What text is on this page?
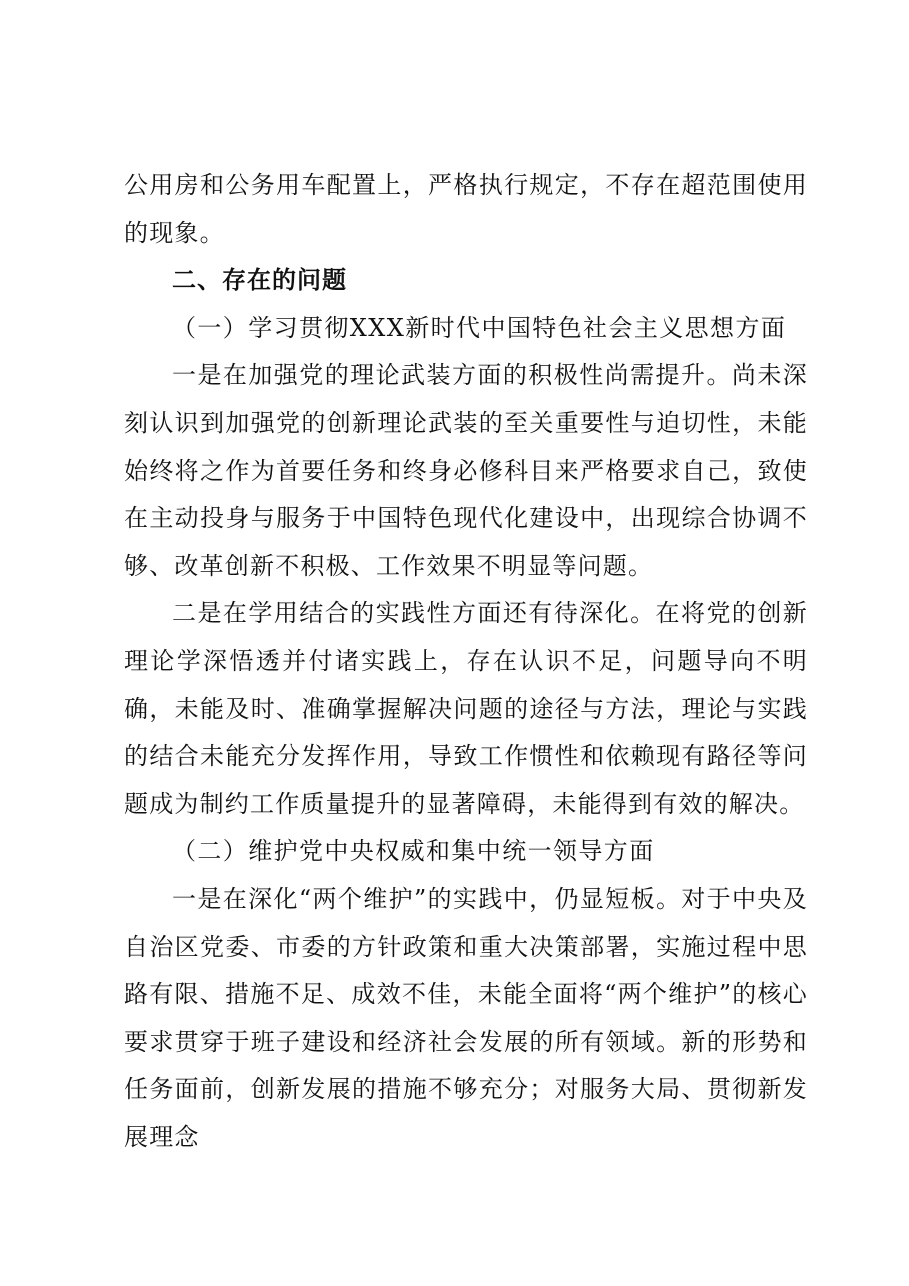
公用房和公务用车配置上，严格执行规定，不存在超范围使用的现象。

二、存在的问题

（一）学习贯彻XXX新时代中国特色社会主义思想方面

一是在加强党的理论武装方面的积极性尚需提升。尚未深刻认识到加强党的创新理论武装的至关重要性与迫切性，未能始终将之作为首要任务和终身必修科目来严格要求自己，致使在主动投身与服务于中国特色现代化建设中，出现综合协调不够、改革创新不积极、工作效果不明显等问题。

二是在学用结合的实践性方面还有待深化。在将党的创新理论学深悟透并付诸实践上，存在认识不足，问题导向不明确，未能及时、准确掌握解决问题的途径与方法，理论与实践的结合未能充分发挥作用，导致工作惯性和依赖现有路径等问题成为制约工作质量提升的显著障碍，未能得到有效的解决。

（二）维护党中央权威和集中统一领导方面

一是在深化“两个维护”的实践中，仍显短板。对于中央及自治区党委、市委的方针政策和重大决策部署，实施过程中思路有限、措施不足、成效不佳，未能全面将“两个维护”的核心要求贯穿于班子建设和经济社会发展的所有领域。新的形势和任务面前，创新发展的措施不够充分；对服务大局、贯彻新发展理念
